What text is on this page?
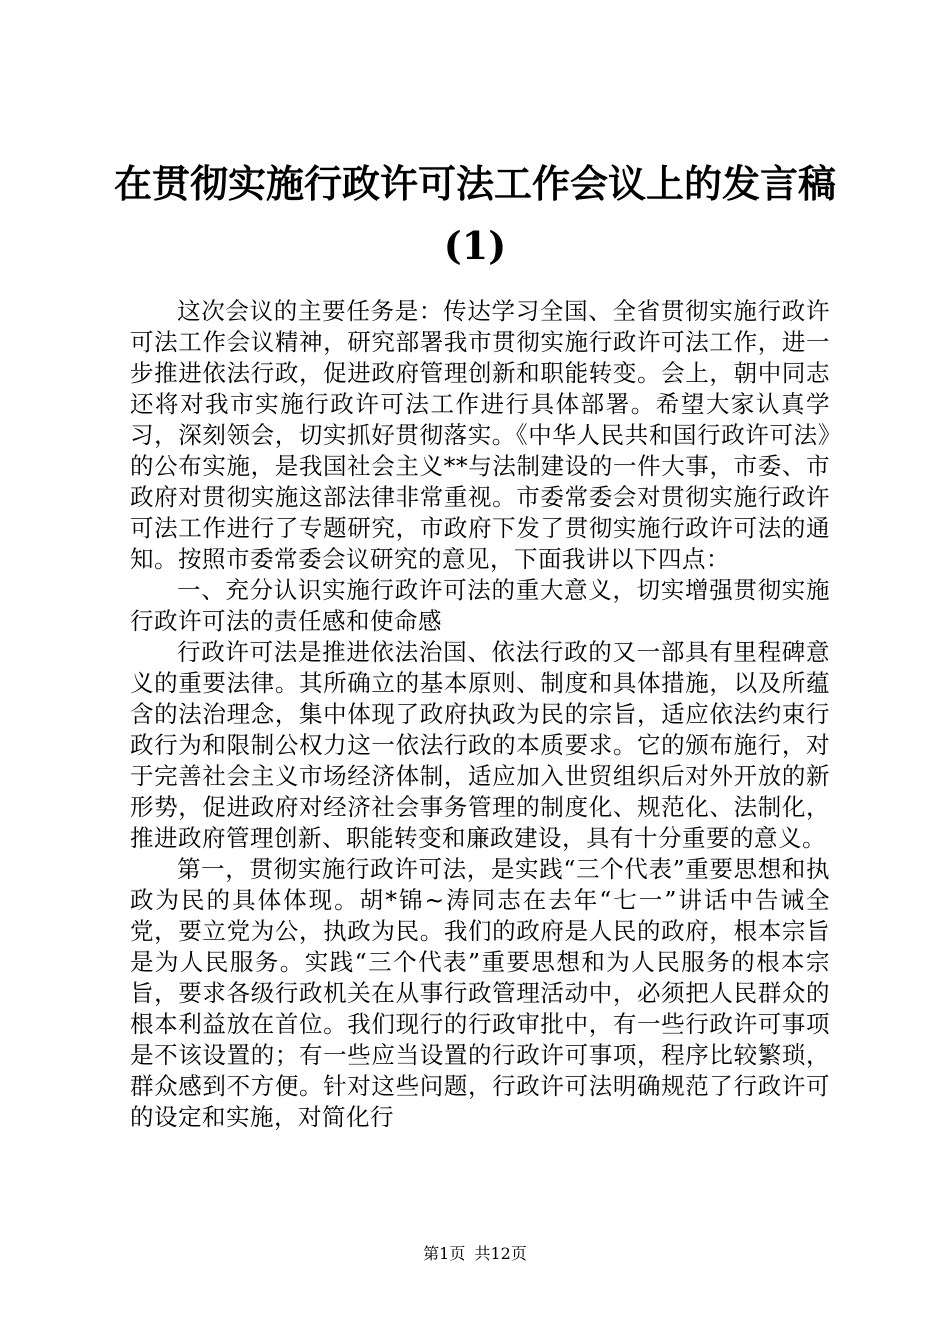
在贯彻实施行政许可法工作会议上的发言稿
(1)

这次会议的主要任务是：传达学习全国、全省贯彻实施行政许可法工作会议精神，研究部署我市贯彻实施行政许可法工作，进一步推进依法行政，促进政府管理创新和职能转变。会上，朝中同志还将对我市实施行政许可法工作进行具体部署。希望大家认真学习，深刻领会，切实抓好贯彻落实。《中华人民共和国行政许可法》的公布实施，是我国社会主义**与法制建设的一件大事，市委、市政府对贯彻实施这部法律非常重视。市委常委会对贯彻实施行政许可法工作进行了专题研究，市政府下发了贯彻实施行政许可法的通知。按照市委常委会议研究的意见，下面我讲以下四点：

一、充分认识实施行政许可法的重大意义，切实增强贯彻实施行政许可法的责任感和使命感

行政许可法是推进依法治国、依法行政的又一部具有里程碑意义的重要法律。其所确立的基本原则、制度和具体措施，以及所蕴含的法治理念，集中体现了政府执政为民的宗旨，适应依法约束行政行为和限制公权力这一依法行政的本质要求。它的颁布施行，对于完善社会主义市场经济体制，适应加入世贸组织后对外开放的新形势，促进政府对经济社会事务管理的制度化、规范化、法制化，推进政府管理创新、职能转变和廉政建设，具有十分重要的意义。

第一，贯彻实施行政许可法，是实践“三个代表”重要思想和执政为民的具体体现。胡*锦~涛同志在去年“七一”讲话中告诫全党，要立党为公，执政为民。我们的政府是人民的政府，根本宗旨是为人民服务。实践“三个代表”重要思想和为人民服务的根本宗旨，要求各级行政机关在从事行政管理活动中，必须把人民群众的根本利益放在首位。我们现行的行政审批中，有一些行政许可事项是不该设置的；有一些应当设置的行政许可事项，程序比较繁琐，群众感到不方便。针对这些问题，行政许可法明确规范了行政许可的设定和实施，对简化行

第1页 共12页
